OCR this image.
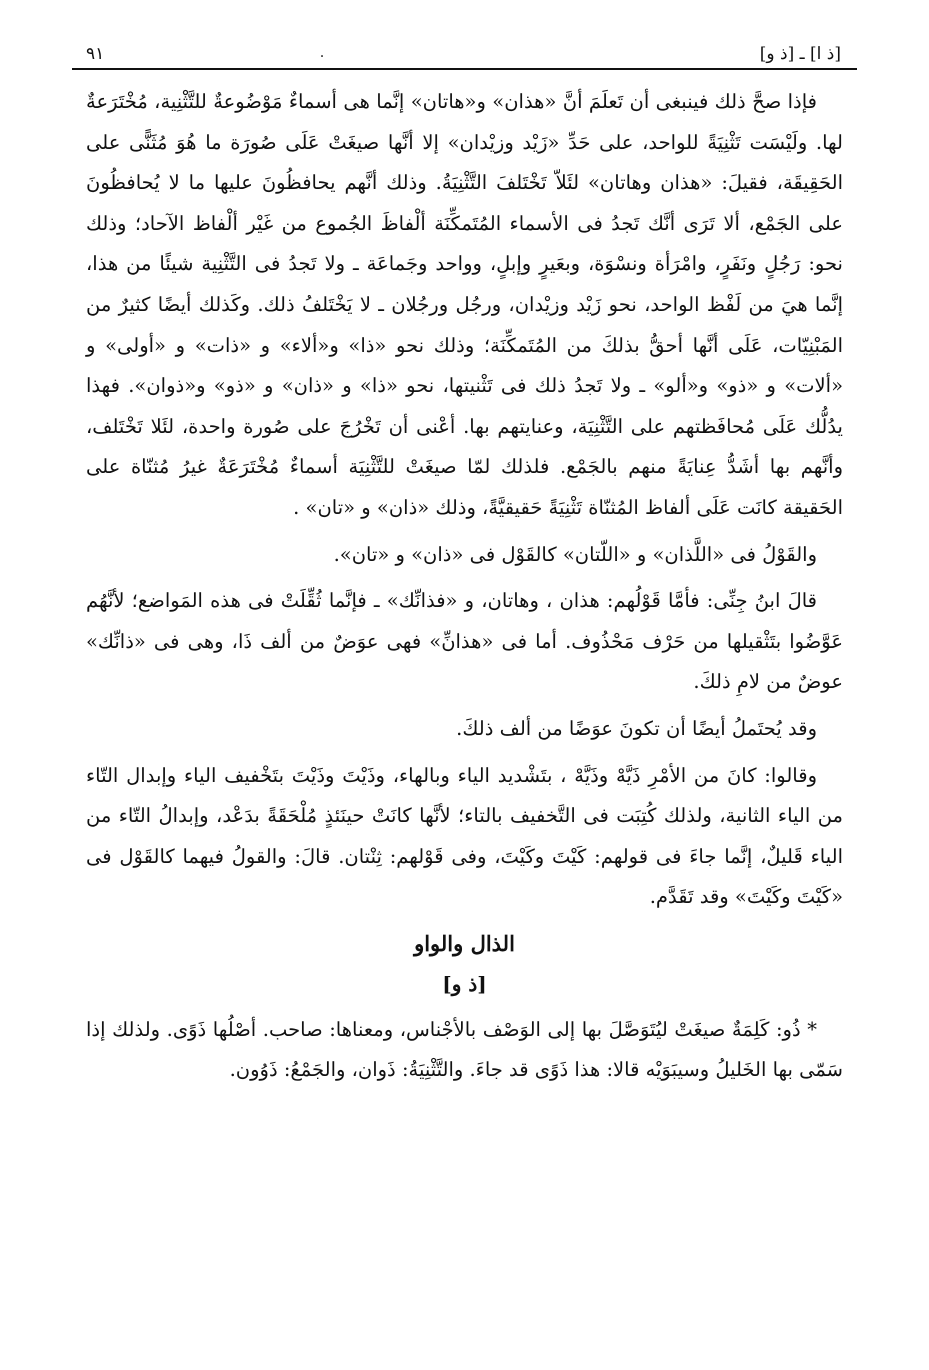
[ذ ا] ـ [ذ و]
٠
٩١

فإذا صحَّ ذلك فينبغى أن تَعلَمَ أنَّ «هذان» و«هاتان» إنَّما هى أسماءٌ مَوْضُوعةٌ للتَّثْنِية، مُخْتَرَعةٌ لها. ولَيْسَت تَثْنِيَةً للواحد، على حَدِّ «زَيْد وزيْدان» إلا أنَّها صيغَتْ عَلَى صُورَة ما هُوَ مُثَنًّى على الحَقِيقَة، فقيلَ: «هذان وهاتان» لئَلاّ تَخْتَلفَ التَّثْنِيَةُ. وذلك أنَّهم يحافظُونَ عليها ما لا يُحافظُونَ على الجَمْع، ألا تَرَى أنَّك تَجدُ فى الأسماء المُتَمكِّنَة ألْفاظَ الجُموع من غَيْر ألْفاظ الآحاد؛ وذلك نحو: رَجُلٍ ونَفَرٍ، وامْرَأة ونسْوَة، وبعَيرٍ وإبلٍ، وواحد وجَماعَة ـ ولا تَجدُ فى التَّثْنِية شيئًا من هذا، إنَّما هيَ من لَفْظ الواحد، نحو زَيْد وزيْدان، ورجُل ورجُلان ـ لا يَخْتَلفُ ذلك. وكَذلك أيضًا كثيرٌ من المَبْنِيّات، عَلَى أنَّها أحقُّ بذلكَ من المُتَمكِّنَة؛ وذلك نحو «ذا» و«ألاء» و «ذات» و «أولى» و «ألات» و «ذو» و«ألو» ـ ولا تَجدُ ذلك فى تَثْنيتها، نحو «ذا» و «ذان» و «ذو» و«ذوان». فهذا يدُلُّك عَلَى مُحافَظتهم على التَّثْنِيَة، وعنايتهم بها. أعْنى أن تَخْرُجَ على صُورة واحدة، لئَلا تَخْتَلف، وأنَّهم بها أشَدُّ عِنايَةً منهم بالجَمْع. فلذلك لمّا صيغَتْ للتَّثْنِيَة أسماءٌ مُخْتَرَعَةٌ غيرُ مُثنّاة على الحَقيقة كانَت عَلَى ألفاظ المُثنّاة تَثْنِيَةً حَقيقيَّةً، وذلك «ذان» و «تان» .

والقَوْلُ فى «اللَّذان» و «اللّتان» كالقَوْل فى «ذان» و «تان».

قالَ ابنُ جِنِّى: فأمَّا قَوْلُهم: هذان ، وهاتان، و «فذانِّك» ـ فإنَّما ثُقِّلَتْ فى هذه المَواضع؛ لأنَّهُم عَوَّضُوا بتَثْقيلها من حَرْف مَحْذُوف. أما فى «هذانِّ» فهى عوَضٌ من ألف ذَا، وهى فى «ذانِّك» عوضٌ من لامِ ذلكَ.

وقد يُحتَملُ أيضًا أن تكونَ عوَضًا من ألف ذلكَ.

وقالوا: كانَ من الأمْرِ ذَيَّهْ وذَيَّهْ ، بتَشْديد الياء وبالهاء، وذَيْتَ وذَيْتَ بتَخْفيف الياء وإبدال التّاء من الياء الثانية، ولذلك كُتِبَت فى التَّخفيف بالتاء؛ لأنَّها كانَتْ حينَئذٍ مُلْحَقَةً بدَعْد، وإبدالُ التّاء من الياء قَليلٌ، إنَّما جاءَ فى قولهم: كَيْتَ وكَيْتَ، وفى قَوْلهم: ثِنْتان. قالَ: والقولُ فيهما كالقَوْل فى «كَيْتَ وكَيْتَ» وقد تَقَدَّم.

الذال والواو
[ذ و]

* ذُو: كَلِمَةٌ صيغَتْ ليُتَوَصَّلَ بها إلى الوَصْف بالأجْناس، ومعناها: صاحب. أصْلُها ذَوًى. ولذلك إذا سَمّى بها الخَليلُ وسيبَوَيْه قالا: هذا ذَوًى قد جاءَ. والتَّثْنِيَةُ: ذَوان، والجَمْعُ: ذَوُون.
